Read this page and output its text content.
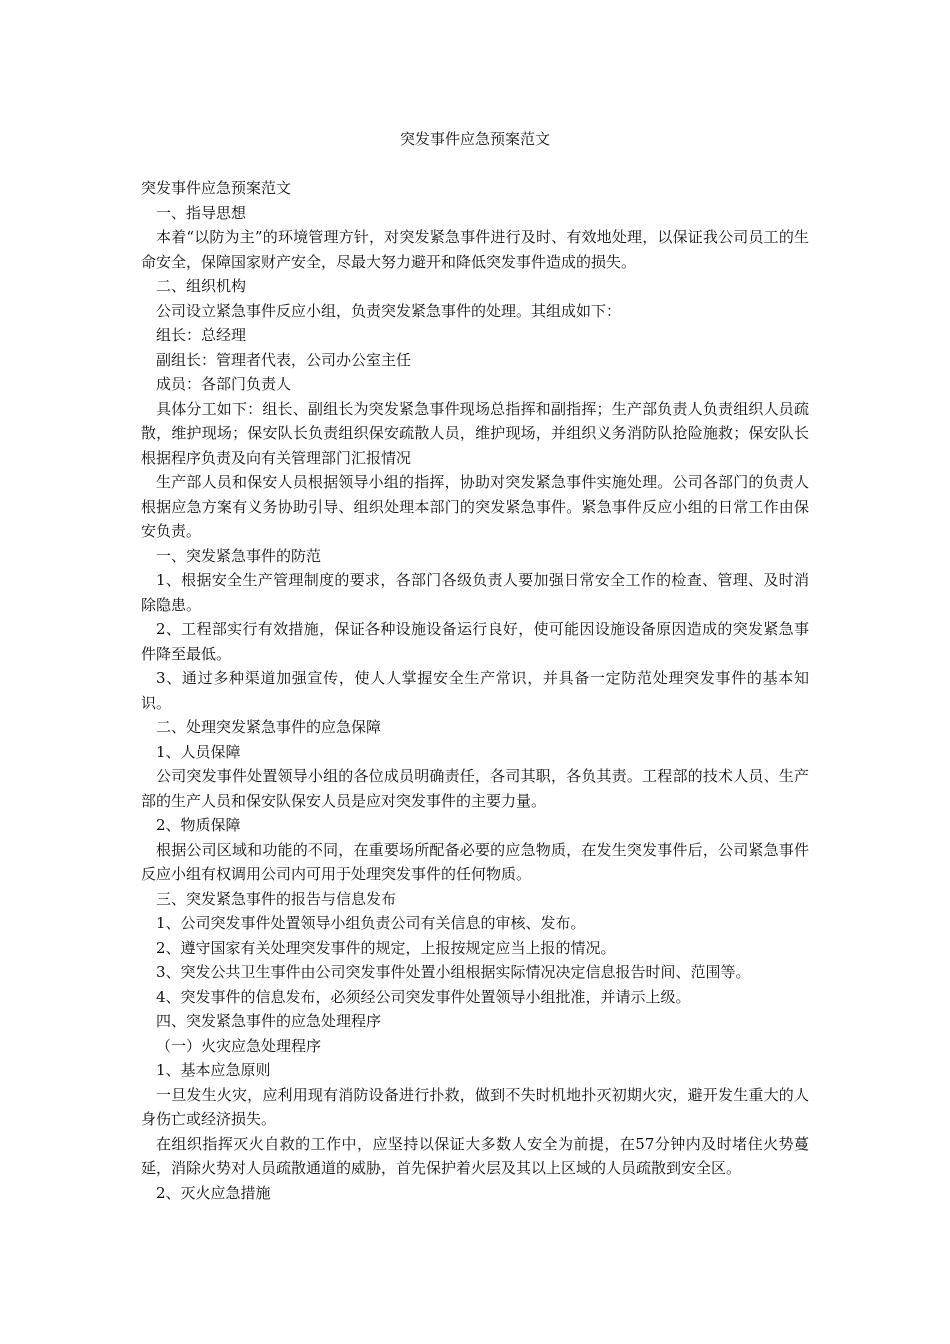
突发事件应急预案范文

突发事件应急预案范文

一、指导思想

本着“以防为主”的环境管理方针，对突发紧急事件进行及时、有效地处理，以保证我公司员工的生命安全，保障国家财产安全，尽最大努力避开和降低突发事件造成的损失。

二、组织机构

公司设立紧急事件反应小组，负责突发紧急事件的处理。其组成如下：

组长：总经理

副组长：管理者代表，公司办公室主任

成员：各部门负责人

具体分工如下：组长、副组长为突发紧急事件现场总指挥和副指挥；生产部负责人负责组织人员疏散，维护现场；保安队长负责组织保安疏散人员，维护现场，并组织义务消防队抢险施救；保安队长根据程序负责及向有关管理部门汇报情况

生产部人员和保安人员根据领导小组的指挥，协助对突发紧急事件实施处理。公司各部门的负责人根据应急方案有义务协助引导、组织处理本部门的突发紧急事件。紧急事件反应小组的日常工作由保安负责。

一、突发紧急事件的防范

1、根据安全生产管理制度的要求，各部门各级负责人要加强日常安全工作的检查、管理、及时消除隐患。

2、工程部实行有效措施，保证各种设施设备运行良好，使可能因设施设备原因造成的突发紧急事件降至最低。

3、通过多种渠道加强宣传，使人人掌握安全生产常识，并具备一定防范处理突发事件的基本知识。

二、处理突发紧急事件的应急保障

1、人员保障

公司突发事件处置领导小组的各位成员明确责任，各司其职，各负其责。工程部的技术人员、生产部的生产人员和保安队保安人员是应对突发事件的主要力量。

2、物质保障

根据公司区域和功能的不同，在重要场所配备必要的应急物质，在发生突发事件后，公司紧急事件反应小组有权调用公司内可用于处理突发事件的任何物质。

三、突发紧急事件的报告与信息发布

1、公司突发事件处置领导小组负责公司有关信息的审核、发布。

2、遵守国家有关处理突发事件的规定，上报按规定应当上报的情况。

3、突发公共卫生事件由公司突发事件处置小组根据实际情况决定信息报告时间、范围等。

4、突发事件的信息发布，必须经公司突发事件处置领导小组批准，并请示上级。

四、突发紧急事件的应急处理程序

（一）火灾应急处理程序

1、基本应急原则

一旦发生火灾，应利用现有消防设备进行扑救，做到不失时机地扑灭初期火灾，避开发生重大的人身伤亡或经济损失。

在组织指挥灭火自救的工作中，应坚持以保证大多数人安全为前提，在57分钟内及时堵住火势蔓延，消除火势对人员疏散通道的威胁，首先保护着火层及其以上区域的人员疏散到安全区。

2、灭火应急措施
